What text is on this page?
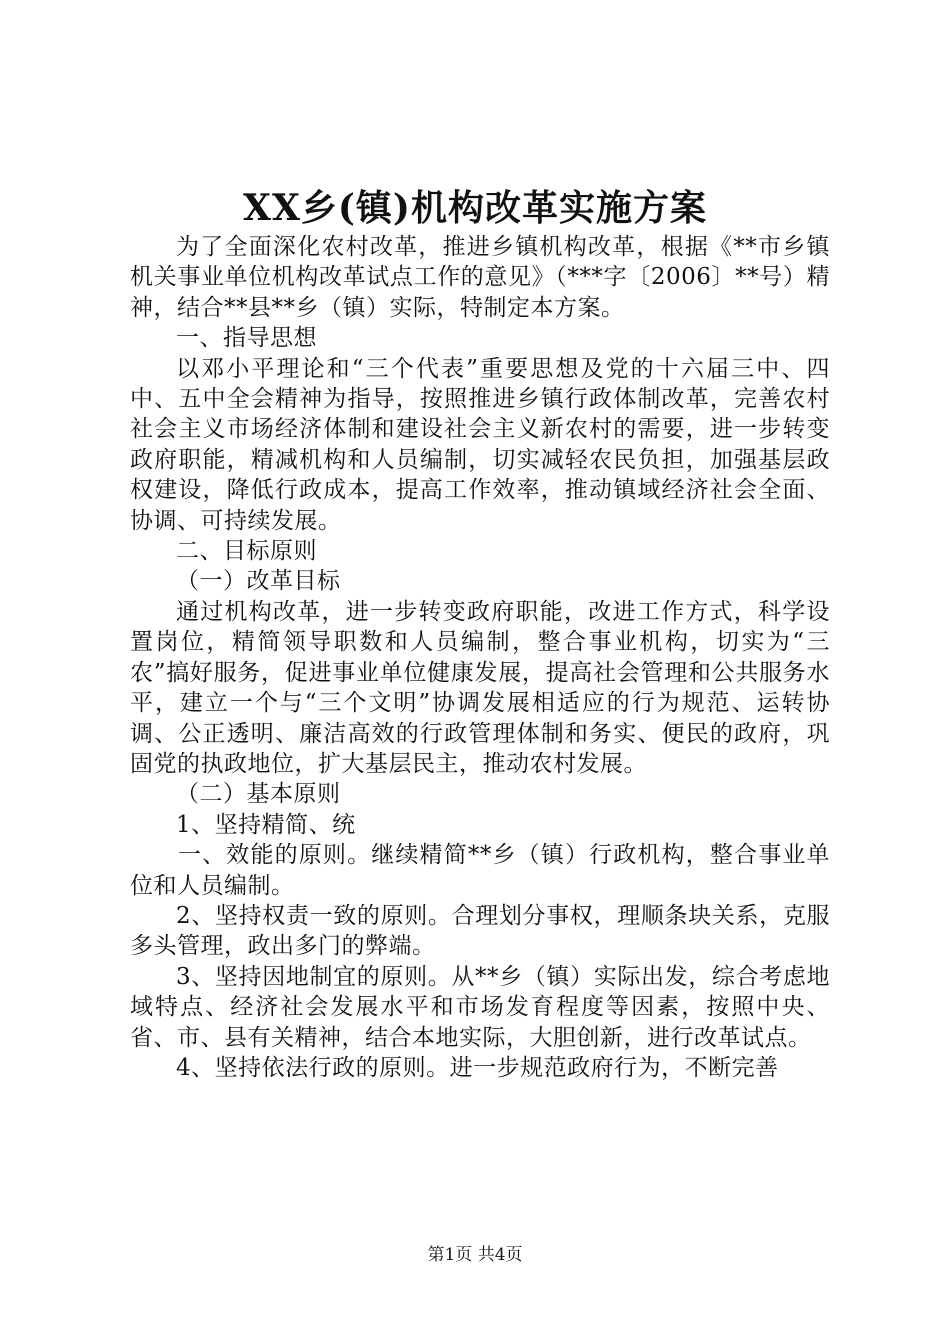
XX乡(镇)机构改革实施方案

为了全面深化农村改革，推进乡镇机构改革，根据《**市乡镇机关事业单位机构改革试点工作的意见》（***字〔2006〕**号）精神，结合**县**乡（镇）实际，特制定本方案。

一、指导思想

以邓小平理论和“三个代表”重要思想及党的十六届三中、四中、五中全会精神为指导，按照推进乡镇行政体制改革，完善农村社会主义市场经济体制和建设社会主义新农村的需要，进一步转变政府职能，精减机构和人员编制，切实减轻农民负担，加强基层政权建设，降低行政成本，提高工作效率，推动镇域经济社会全面、协调、可持续发展。

二、目标原则

（一）改革目标

通过机构改革，进一步转变政府职能，改进工作方式，科学设置岗位，精简领导职数和人员编制，整合事业机构，切实为“三农”搞好服务，促进事业单位健康发展，提高社会管理和公共服务水平，建立一个与“三个文明”协调发展相适应的行为规范、运转协调、公正透明、廉洁高效的行政管理体制和务实、便民的政府，巩固党的执政地位，扩大基层民主，推动农村发展。

（二）基本原则

1、坚持精简、统

一、效能的原则。继续精简**乡（镇）行政机构，整合事业单位和人员编制。

2、坚持权责一致的原则。合理划分事权，理顺条块关系，克服多头管理，政出多门的弊端。

3、坚持因地制宜的原则。从**乡（镇）实际出发，综合考虑地域特点、经济社会发展水平和市场发育程度等因素，按照中央、省、市、县有关精神，结合本地实际，大胆创新，进行改革试点。

4、坚持依法行政的原则。进一步规范政府行为，不断完善

第1页 共4页
